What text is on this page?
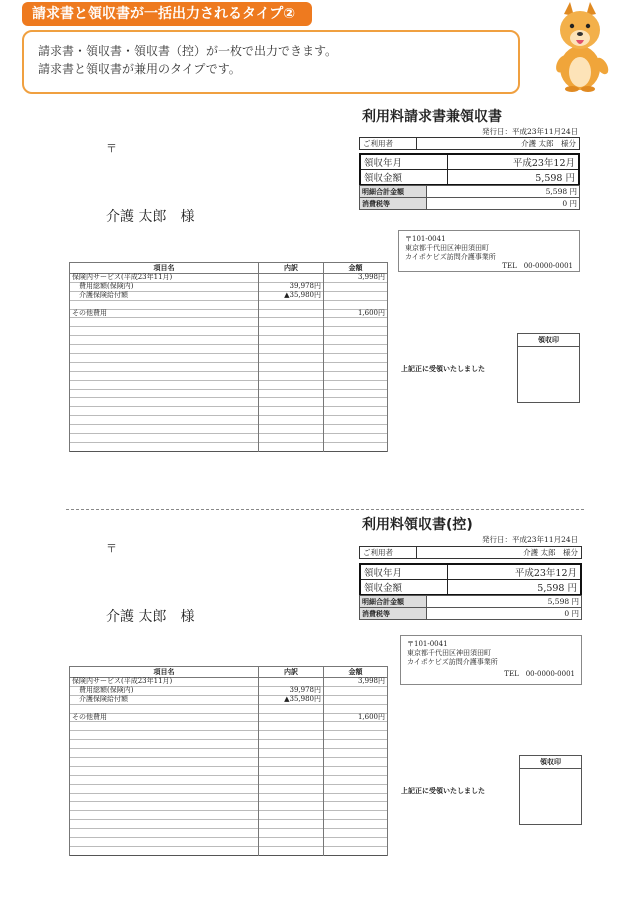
請求書と領収書が一括出力されるタイプ②
請求書・領収書・領収書（控）が一枚で出力できます。
請求書と領収書が兼用のタイプです。
利用料請求書兼領収書
発行日：平成23年11月24日
〒
介護 太郎　様
ご利用者	介護 太郎　様分
領収年月	平成23年12月
領収金額	5,598 円
明細合計金額	5,598 円
消費税等	0 円
〒101-0041
東京都千代田区神田須田町
カイポケビズ訪問介護事業所
TEL　00-0000-0001
項目名	内訳	金額
保険内サービス(平成23年11月)		3,998円
　費用総額(保険内)	39,978円	
　介護保険給付額	▲35,980円	

その他費用		1,600円

領収印
上記正に受領いたしました
利用料領収書(控)
発行日：平成23年11月24日
〒
介護 太郎　様
ご利用者	介護 太郎　様分
領収年月	平成23年12月
領収金額	5,598 円
明細合計金額	5,598 円
消費税等	0 円
〒101-0041
東京都千代田区神田須田町
カイポケビズ訪問介護事業所
TEL　00-0000-0001
項目名	内訳	金額
保険内サービス(平成23年11月)		3,998円
　費用総額(保険内)	39,978円	
　介護保険給付額	▲35,980円	

その他費用		1,600円

領収印
上記正に受領いたしました
